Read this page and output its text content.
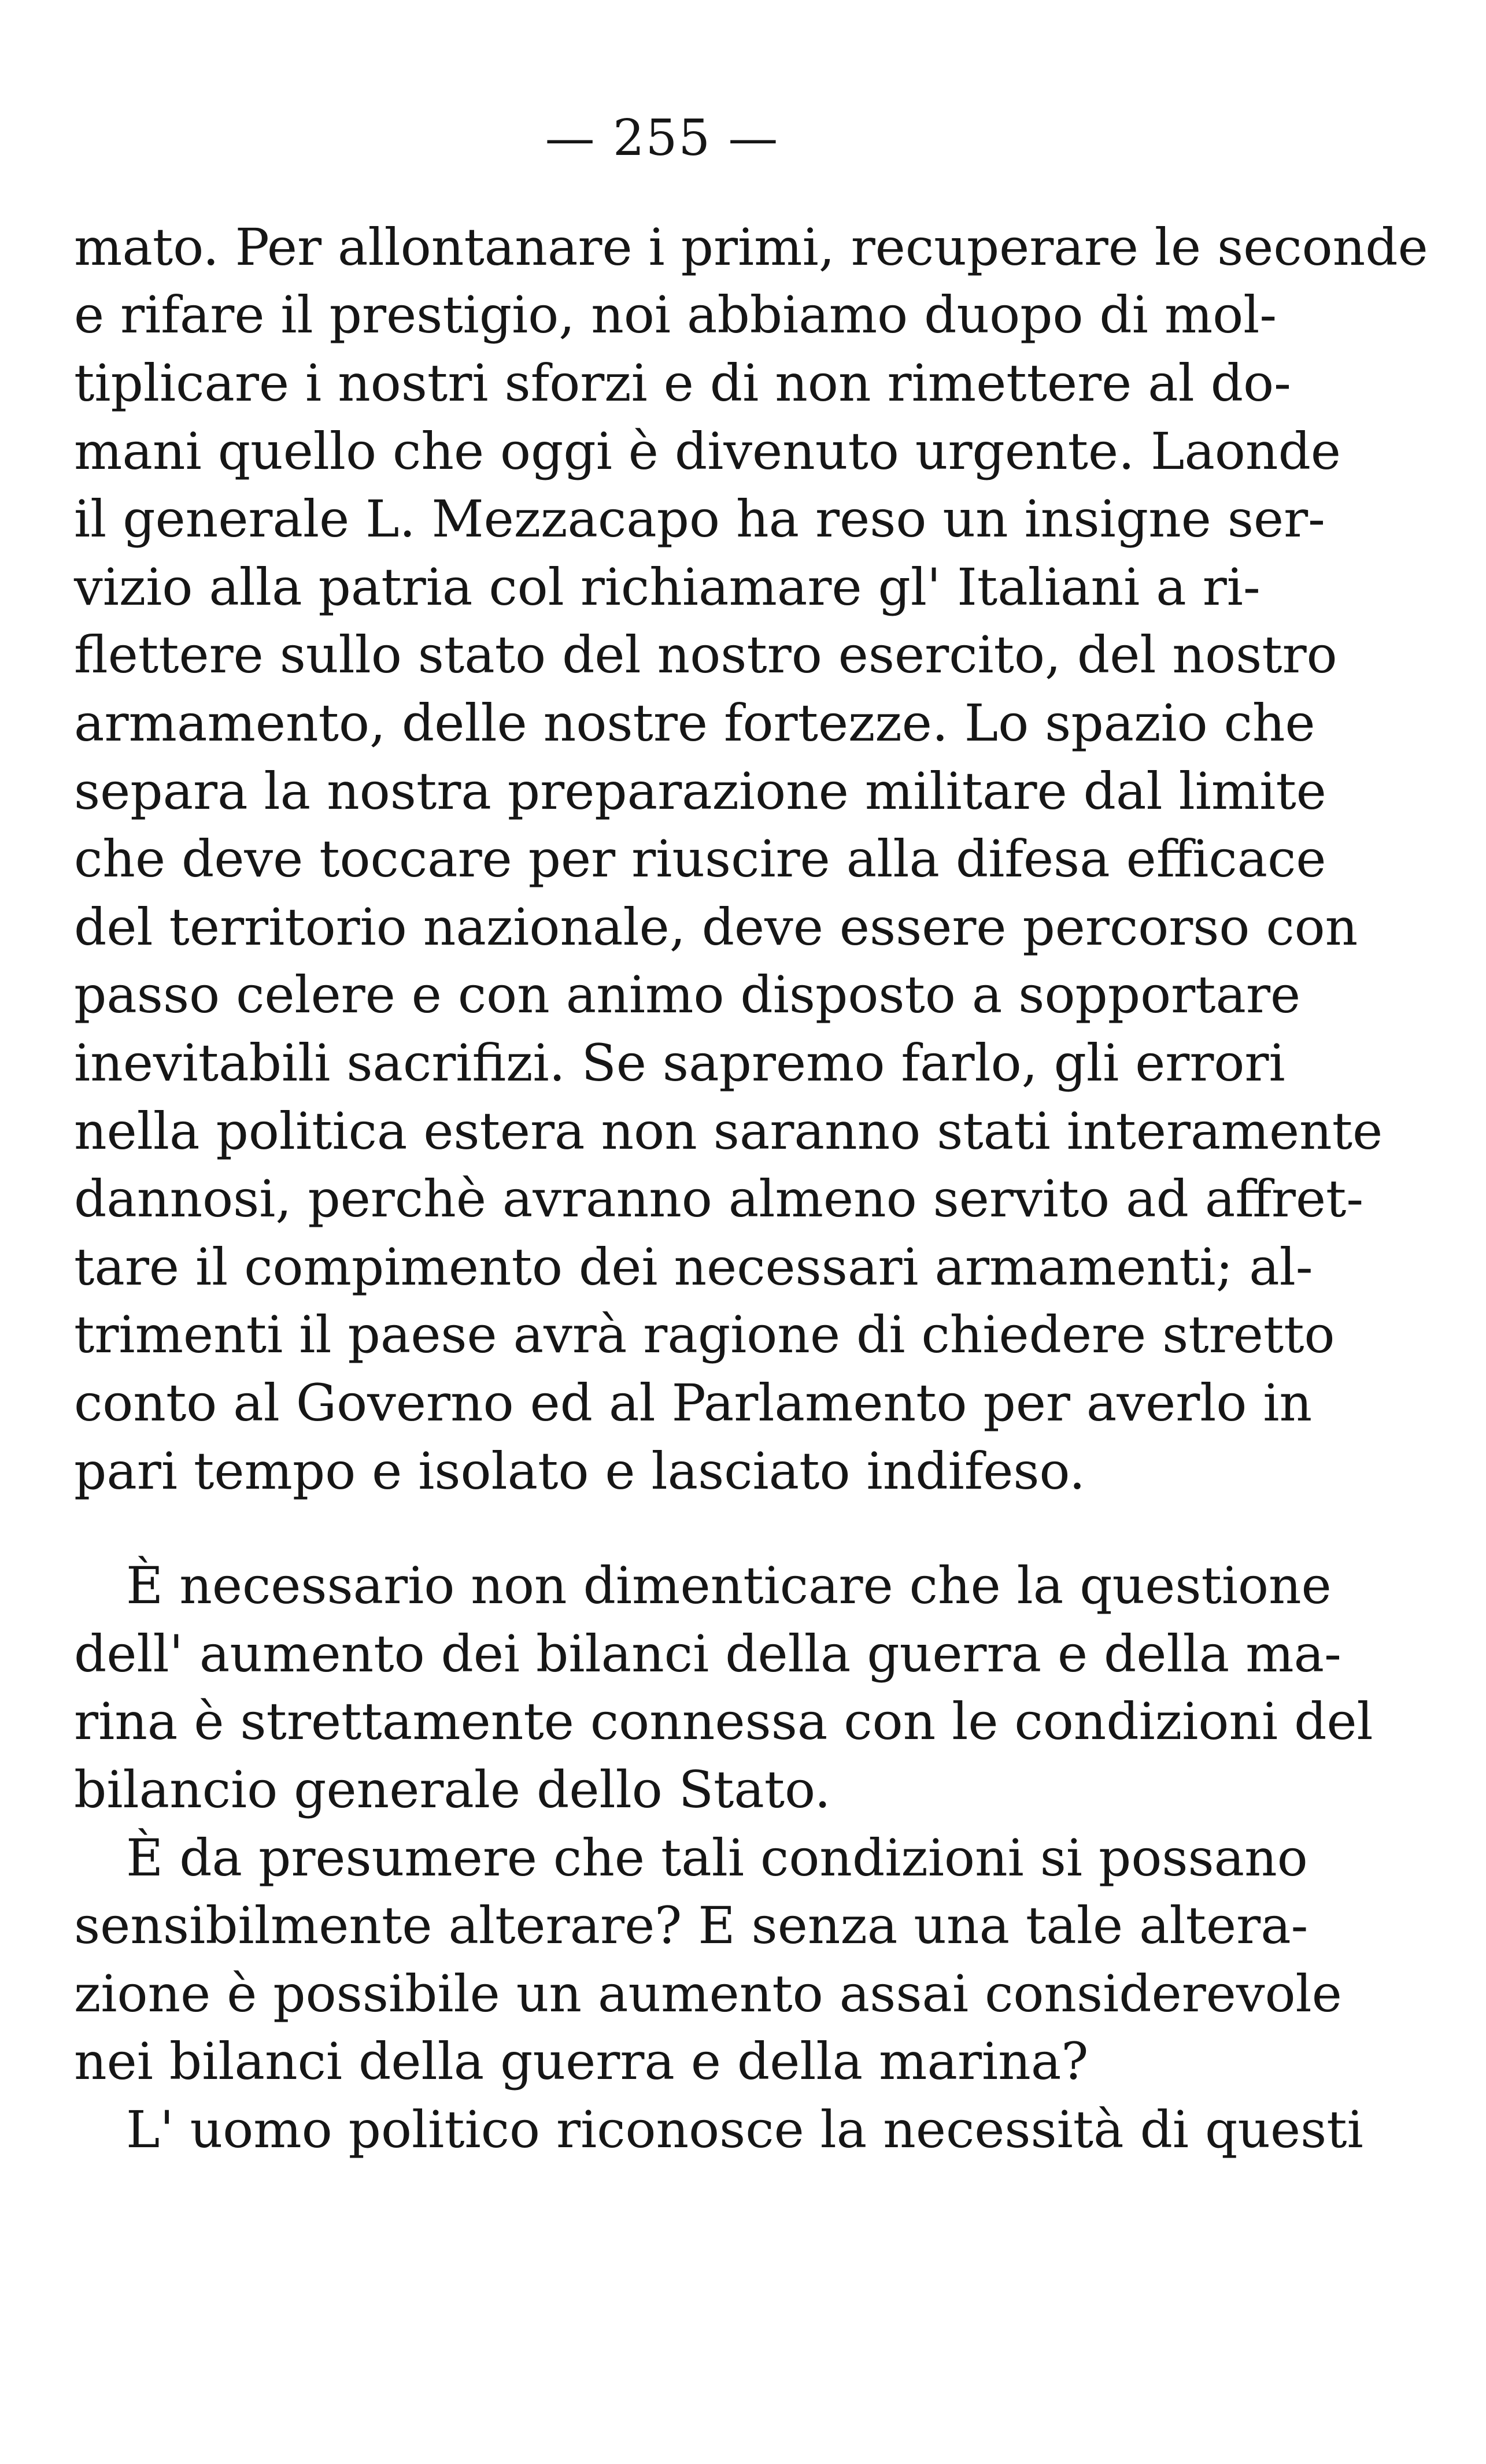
— 255 —
mato. Per allontanare i primi, recuperare le seconde
e rifare il prestigio, noi abbiamo duopo di mol-
tiplicare i nostri sforzi e di non rimettere al do-
mani quello che oggi è divenuto urgente. Laonde
il generale L. Mezzacapo ha reso un insigne ser-
vizio alla patria col richiamare gl' Italiani a ri-
flettere sullo stato del nostro esercito, del nostro
armamento, delle nostre fortezze. Lo spazio che
separa la nostra preparazione militare dal limite
che deve toccare per riuscire alla difesa efficace
del territorio nazionale, deve essere percorso con
passo celere e con animo disposto a sopportare
inevitabili sacrifizi. Se sapremo farlo, gli errori
nella politica estera non saranno stati interamente
dannosi, perchè avranno almeno servito ad affret-
tare il compimento dei necessari armamenti; al-
trimenti il paese avrà ragione di chiedere stretto
conto al Governo ed al Parlamento per averlo in
pari tempo e isolato e lasciato indifeso.
È necessario non dimenticare che la questione
dell' aumento dei bilanci della guerra e della ma-
rina è strettamente connessa con le condizioni del
bilancio generale dello Stato.
È da presumere che tali condizioni si possano
sensibilmente alterare? E senza una tale altera-
zione è possibile un aumento assai considerevole
nei bilanci della guerra e della marina?
L' uomo politico riconosce la necessità di questi
